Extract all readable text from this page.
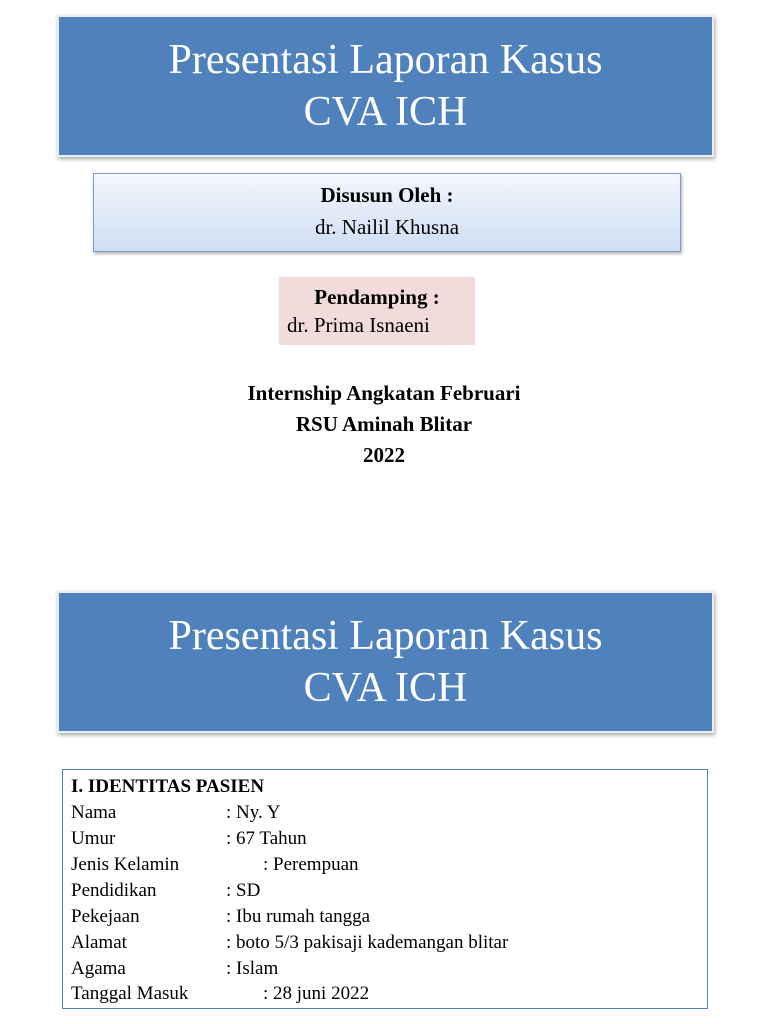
Presentasi Laporan Kasus
CVA ICH
Disusun Oleh :
dr. Nailil Khusna
Pendamping :
dr. Prima Isnaeni
Internship Angkatan Februari
RSU Aminah Blitar
2022
Presentasi Laporan Kasus
CVA ICH
I. IDENTITAS PASIEN
Nama	: Ny. Y
Umur	: 67 Tahun
Jenis Kelamin	: Perempuan
Pendidikan	: SD
Pekejaan	: Ibu rumah tangga
Alamat	: boto 5/3 pakisaji kademangan blitar
Agama	: Islam
Tanggal Masuk	: 28 juni 2022
